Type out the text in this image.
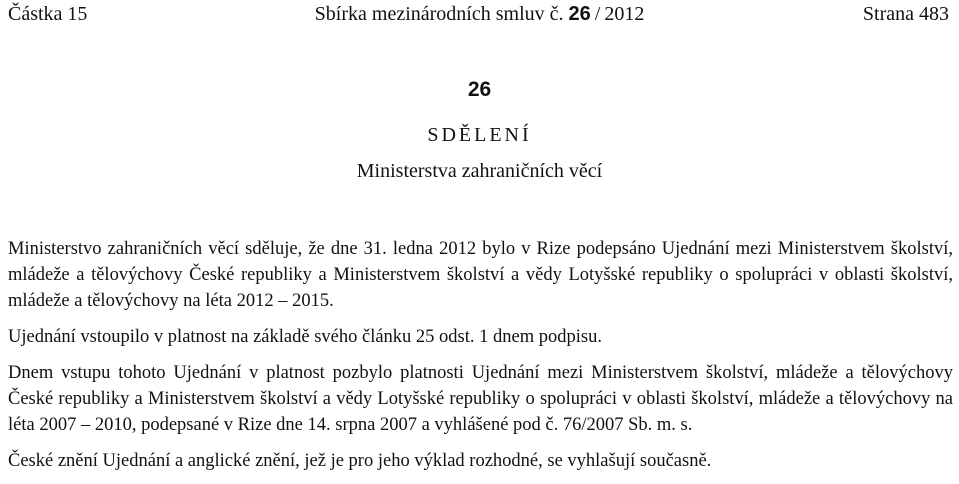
Částka 15	Sbírka mezinárodních smluv č. 26 / 2012	Strana 483
26
SDĚLENÍ
Ministerstva zahraničních věcí

Ministerstvo zahraničních věcí sděluje, že dne 31. ledna 2012 bylo v Rize podepsáno Ujednání mezi Ministerstvem školství, mládeže a tělovýchovy České republiky a Ministerstvem školství a vědy Lotyšské republiky o spolupráci v oblasti školství, mládeže a tělovýchovy na léta 2012 – 2015.

Ujednání vstoupilo v platnost na základě svého článku 25 odst. 1 dnem podpisu.

Dnem vstupu tohoto Ujednání v platnost pozbylo platnosti Ujednání mezi Ministerstvem školství, mládeže a tělovýchovy České republiky a Ministerstvem školství a vědy Lotyšské republiky o spolupráci v oblasti školství, mládeže a tělovýchovy na léta 2007 – 2010, podepsané v Rize dne 14. srpna 2007 a vyhlášené pod č. 76/2007 Sb. m. s.

České znění Ujednání a anglické znění, jež je pro jeho výklad rozhodné, se vyhlašují současně.
